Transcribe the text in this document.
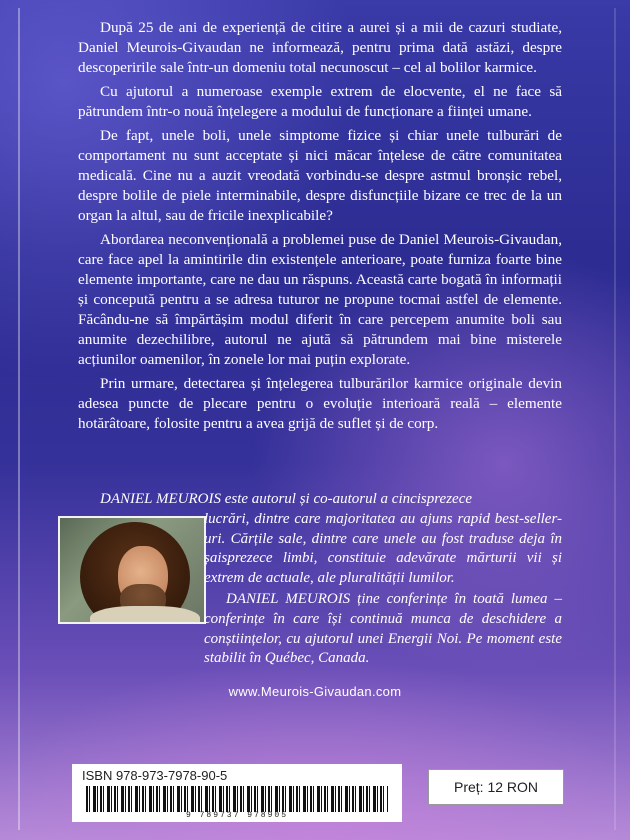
După 25 de ani de experiență de citire a aurei și a mii de cazuri studiate, Daniel Meurois-Givaudan ne informează, pentru prima dată astăzi, despre descoperirile sale într-un domeniu total necunoscut – cel al bolilor karmice.

Cu ajutorul a numeroase exemple extrem de elocvente, el ne face să pătrundem într-o nouă înțelegere a modului de funcționare a ființei umane.

De fapt, unele boli, unele simptome fizice și chiar unele tulburări de comportament nu sunt acceptate și nici măcar înțelese de către comunitatea medicală. Cine nu a auzit vreodată vorbindu-se despre astmul bronșic rebel, despre bolile de piele interminabile, despre disfuncțiile bizare ce trec de la un organ la altul, sau de fricile inexplicabile?

Abordarea neconvențională a problemei puse de Daniel Meurois-Givaudan, care face apel la amintirile din existențele anterioare, poate furniza foarte bine elemente importante, care ne dau un răspuns. Această carte bogată în informații și concepută pentru a se adresa tuturor ne propune tocmai astfel de elemente. Făcându-ne să împărtășim modul diferit în care percepem anumite boli sau anumite dezechilibre, autorul ne ajută să pătrundem mai bine misterele acțiunilor oamenilor, în zonele lor mai puțin explorate.

Prin urmare, detectarea și înțelegerea tulburărilor karmice originale devin adesea puncte de plecare pentru o evoluție interioară reală – elemente hotărâtoare, folosite pentru a avea grijă de suflet și de corp.

DANIEL MEUROIS este autorul și co-autorul a cincisprezece

lucrări, dintre care majoritatea au ajuns rapid best-seller-uri. Cărțile sale, dintre care unele au fost traduse deja în șaisprezece limbi, constituie adevărate mărturii vii și extrem de actuale, ale pluralității lumilor.

DANIEL MEUROIS ține conferințe în toată lumea – conferințe în care își continuă munca de deschidere a conștiințelor, cu ajutorul unei Energii Noi. Pe moment este stabilit în Québec, Canada.

www.Meurois-Givaudan.com
ISBN 978-973-7978-90-5
9 789737 978905
Preț: 12 RON
